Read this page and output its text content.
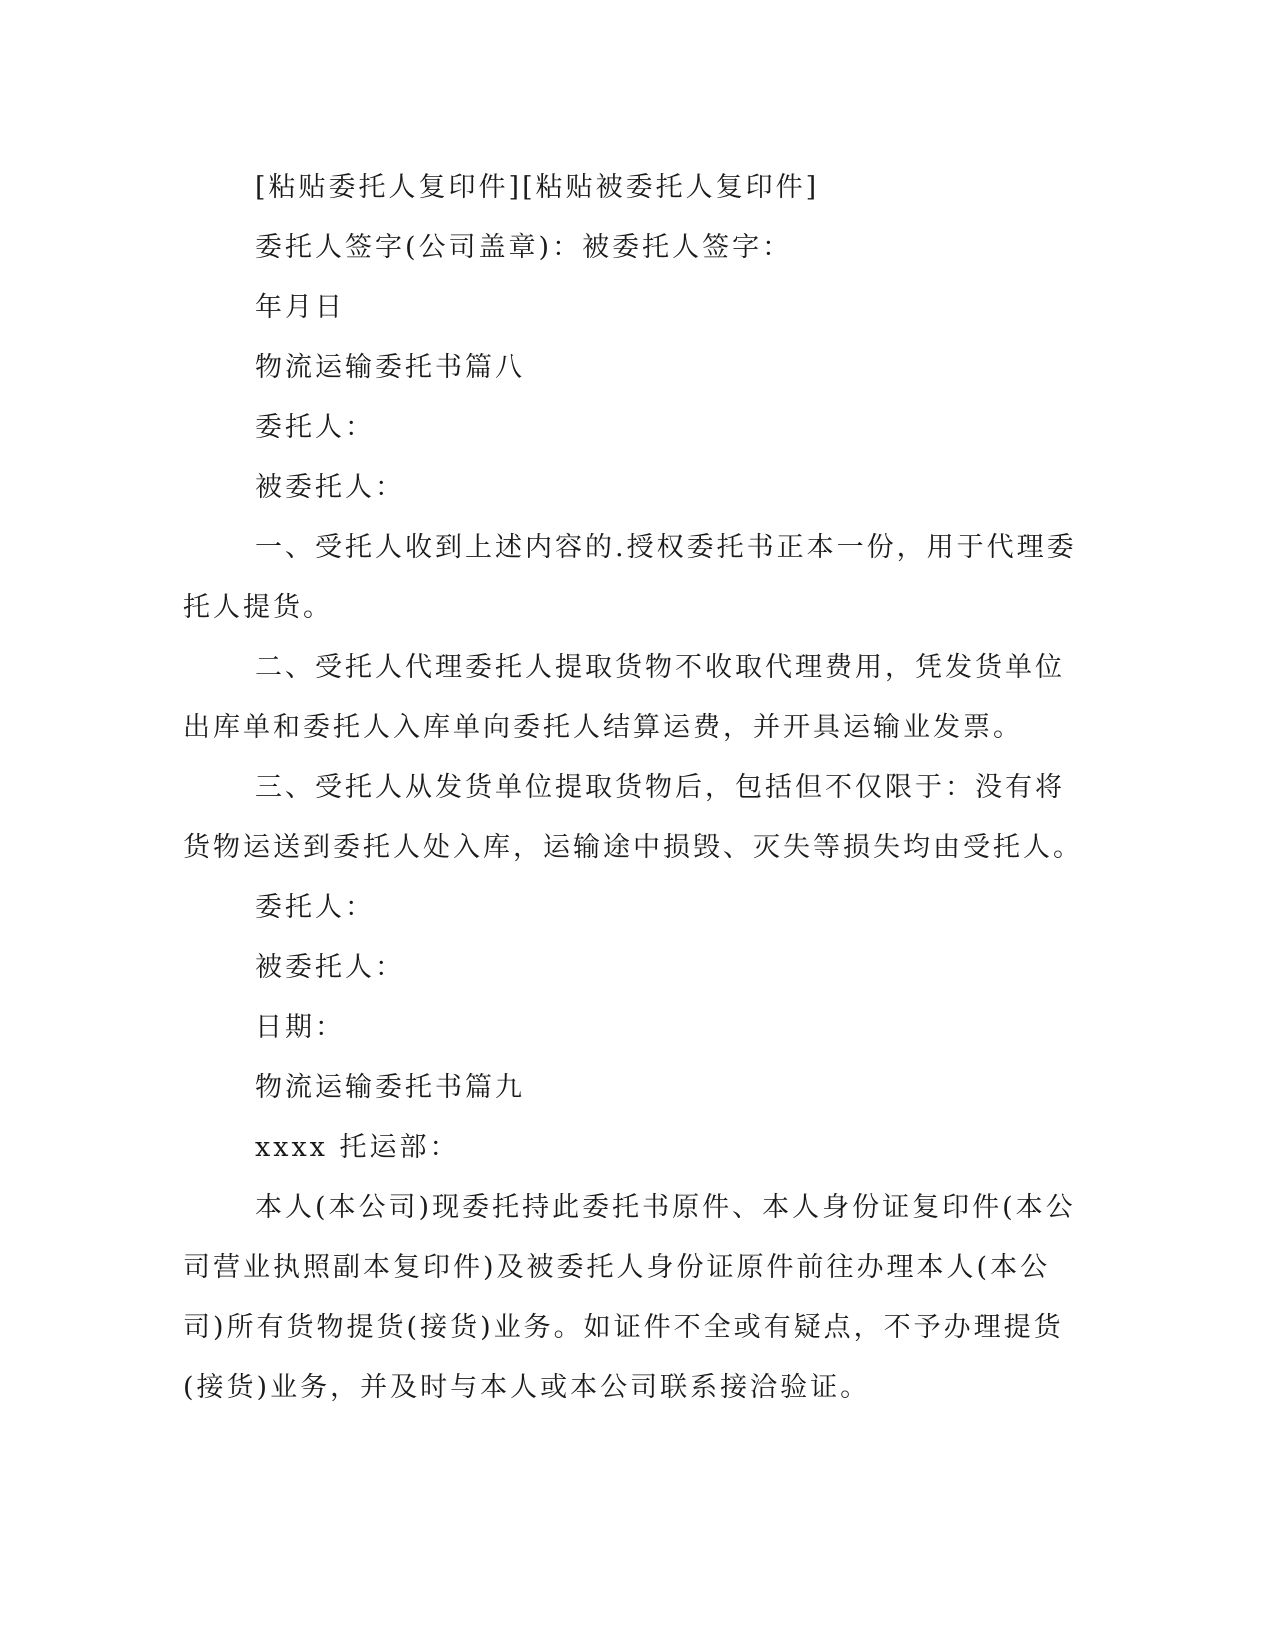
[粘贴委托人复印件][粘贴被委托人复印件]

委托人签字(公司盖章)：被委托人签字：

年月日

物流运输委托书篇八

委托人：

被委托人：

一、受托人收到上述内容的.授权委托书正本一份，用于代理委托人提货。

二、受托人代理委托人提取货物不收取代理费用，凭发货单位出库单和委托人入库单向委托人结算运费，并开具运输业发票。

三、受托人从发货单位提取货物后，包括但不仅限于：没有将货物运送到委托人处入库，运输途中损毁、灭失等损失均由受托人。

委托人：

被委托人：

日期：

物流运输委托书篇九

xxxx 托运部：

本人(本公司)现委托持此委托书原件、本人身份证复印件(本公司营业执照副本复印件)及被委托人身份证原件前往办理本人(本公司)所有货物提货(接货)业务。如证件不全或有疑点，不予办理提货(接货)业务，并及时与本人或本公司联系接洽验证。
